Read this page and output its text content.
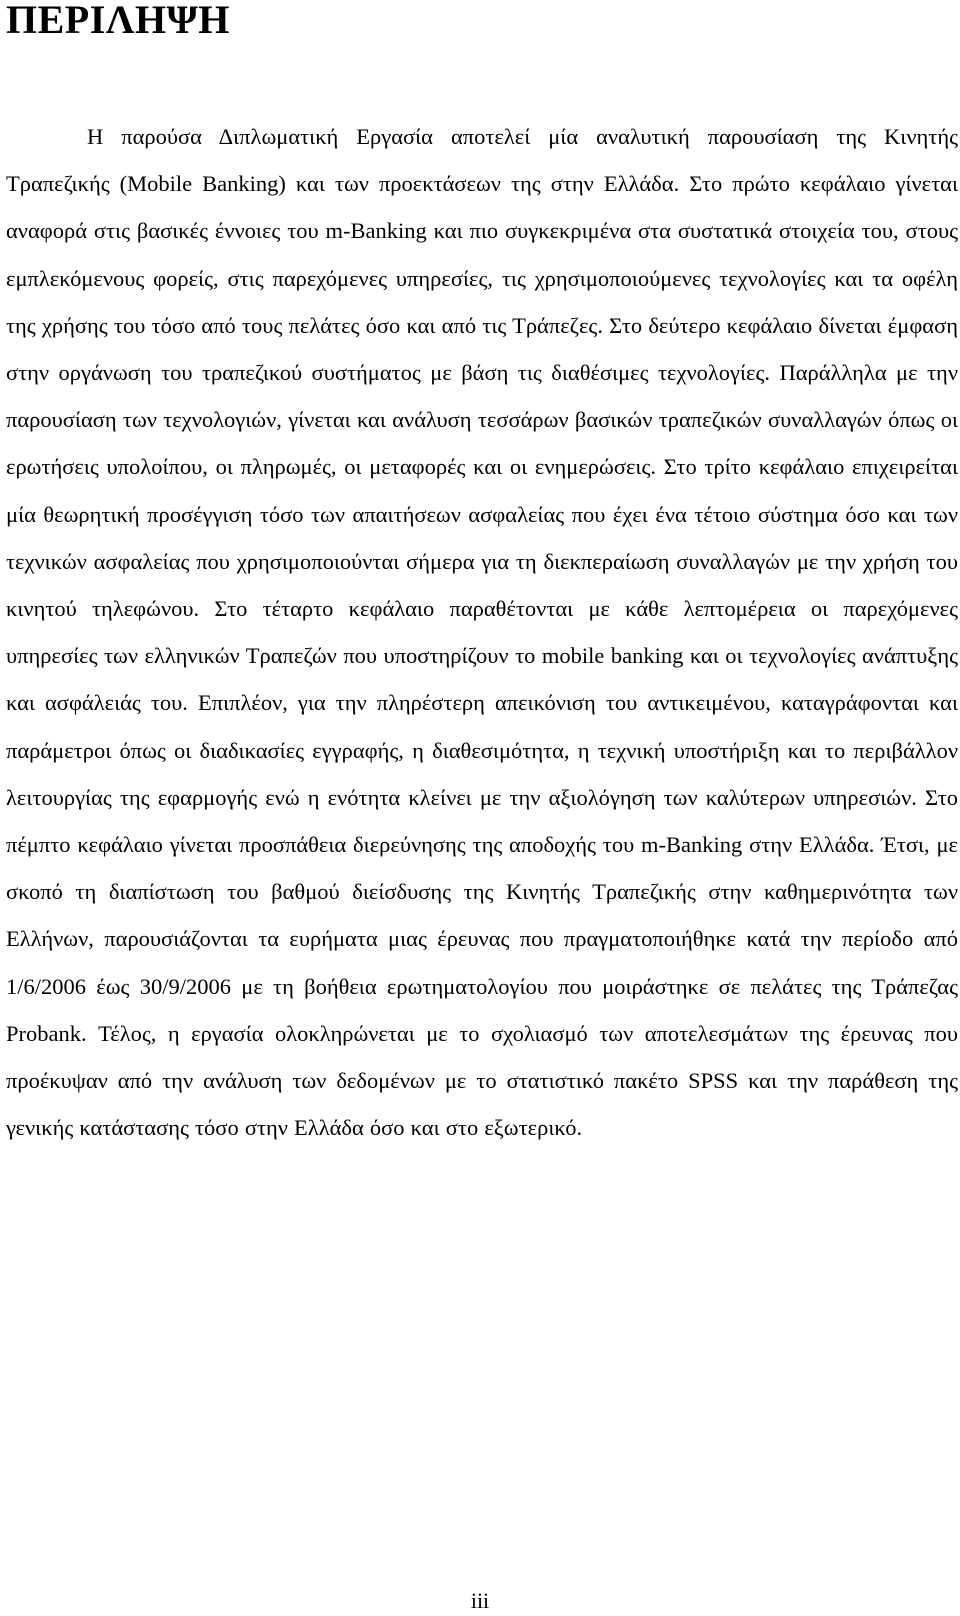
ΠΕΡΙΛΗΨΗ

Η παρούσα Διπλωματική Εργασία αποτελεί μία αναλυτική παρουσίαση της Κινητής Τραπεζικής (Mobile Banking) και των προεκτάσεων της στην Ελλάδα. Στο πρώτο κεφάλαιο γίνεται αναφορά στις βασικές έννοιες του m-Banking και πιο συγκεκριμένα στα συστατικά στοιχεία του, στους εμπλεκόμενους φορείς, στις παρεχόμενες υπηρεσίες, τις χρησιμοποιούμενες τεχνολογίες και τα οφέλη της χρήσης του τόσο από τους πελάτες όσο και από τις Τράπεζες. Στο δεύτερο κεφάλαιο δίνεται έμφαση στην οργάνωση του τραπεζικού συστήματος με βάση τις διαθέσιμες τεχνολογίες. Παράλληλα με την παρουσίαση των τεχνολογιών, γίνεται και ανάλυση τεσσάρων βασικών τραπεζικών συναλλαγών όπως οι ερωτήσεις υπολοίπου, οι πληρωμές, οι μεταφορές και οι ενημερώσεις. Στο τρίτο κεφάλαιο επιχειρείται μία θεωρητική προσέγγιση τόσο των απαιτήσεων ασφαλείας που έχει ένα τέτοιο σύστημα όσο και των τεχνικών ασφαλείας που χρησιμοποιούνται σήμερα για τη διεκπεραίωση συναλλαγών με την χρήση του κινητού τηλεφώνου. Στο τέταρτο κεφάλαιο παραθέτονται με κάθε λεπτομέρεια οι παρεχόμενες υπηρεσίες των ελληνικών Τραπεζών που υποστηρίζουν το mobile banking και οι τεχνολογίες ανάπτυξης και ασφάλειάς του. Επιπλέον, για την πληρέστερη απεικόνιση του αντικειμένου, καταγράφονται και παράμετροι όπως οι διαδικασίες εγγραφής, η διαθεσιμότητα, η τεχνική υποστήριξη και το περιβάλλον λειτουργίας της εφαρμογής ενώ η ενότητα κλείνει με την αξιολόγηση των καλύτερων υπηρεσιών. Στο πέμπτο κεφάλαιο γίνεται προσπάθεια διερεύνησης της αποδοχής του m-Banking στην Ελλάδα. Έτσι, με σκοπό τη διαπίστωση του βαθμού διείσδυσης της Κινητής Τραπεζικής στην καθημερινότητα των Ελλήνων, παρουσιάζονται τα ευρήματα μιας έρευνας που πραγματοποιήθηκε κατά την περίοδο από 1/6/2006 έως 30/9/2006 με τη βοήθεια ερωτηματολογίου που μοιράστηκε σε πελάτες της Τράπεζας Probank. Τέλος, η εργασία ολοκληρώνεται με το σχολιασμό των αποτελεσμάτων της έρευνας που προέκυψαν από την ανάλυση των δεδομένων με το στατιστικό πακέτο SPSS και την παράθεση της γενικής κατάστασης τόσο στην Ελλάδα όσο και στο εξωτερικό.

iii
